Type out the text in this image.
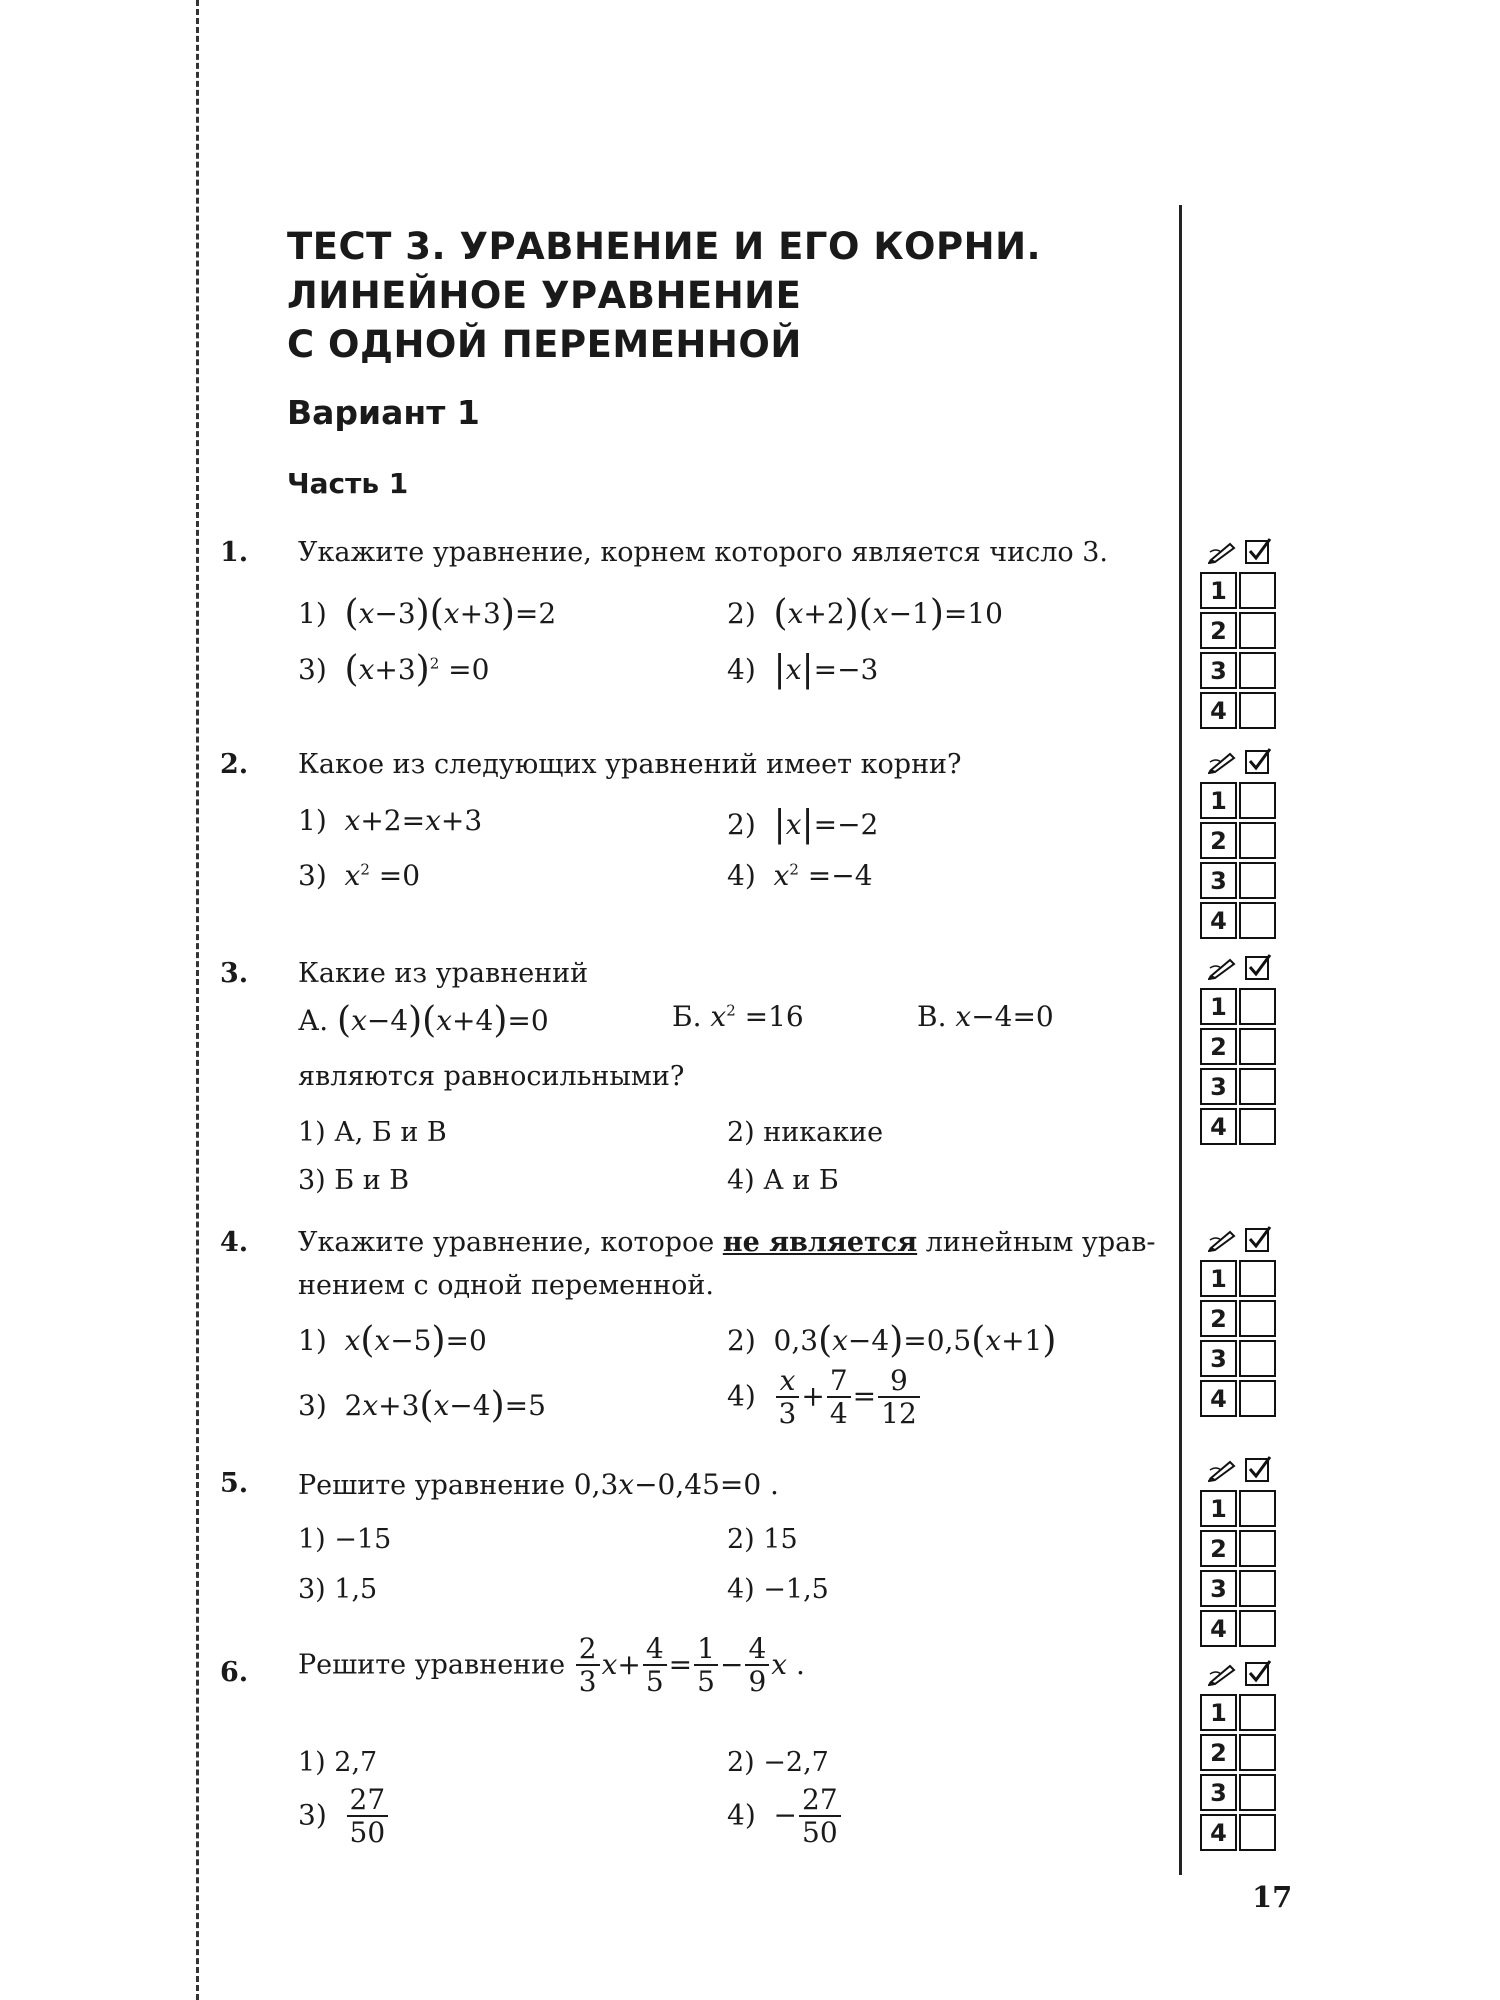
ТЕСТ 3. УРАВНЕНИЕ И ЕГО КОРНИ.
ЛИНЕЙНОЕ УРАВНЕНИЕ
С ОДНОЙ ПЕРЕМЕННОЙ
Вариант 1
Часть 1
1. Укажите уравнение, корнем которого является число 3.
1)  (x−3)(x+3)=2	2)  (x+2)(x−1)=10
3)  $(x+3)^2 =0$	4)  |x|=−3
2. Какое из следующих уравнений имеет корни?
1)  x+2=x+3	2)  |x|=−2
3)  $x^2 =0$	4)  $x^2 =-4$
3. Какие из уравнений
А. (x−4)(x+4)=0	Б. $x^2 =16$	В. x−4=0
являются равносильными?
1) А, Б и В	2) никакие
3) Б и В	4) А и Б
4. Укажите уравнение, которое не является линейным урав-
нением с одной переменной.
1)  x(x−5)=0	2)  0,3(x−4)=0,5(x+1)
3)  2x+3(x−4)=5	$4) \frac{x}{3} + \frac{7}{4} = \frac{9}{12}$
5. Решите уравнение 0,3x−0,45=0 .
1) −15	2) 15
3) 1,5	4) −1,5
6. Решите уравнение $\frac{2}{3} x+ \frac{4}{5} = \frac{1}{5} - \frac{4}{9}$ x .
1) 2,7	2) −2,7
$3) \frac{27}{50}$	$4) - \frac{27}{50}$
1
2
3
4
1
2
3
4
1
2
3
4
1
2
3
4
1
2
3
4
1
2
3
4
17
